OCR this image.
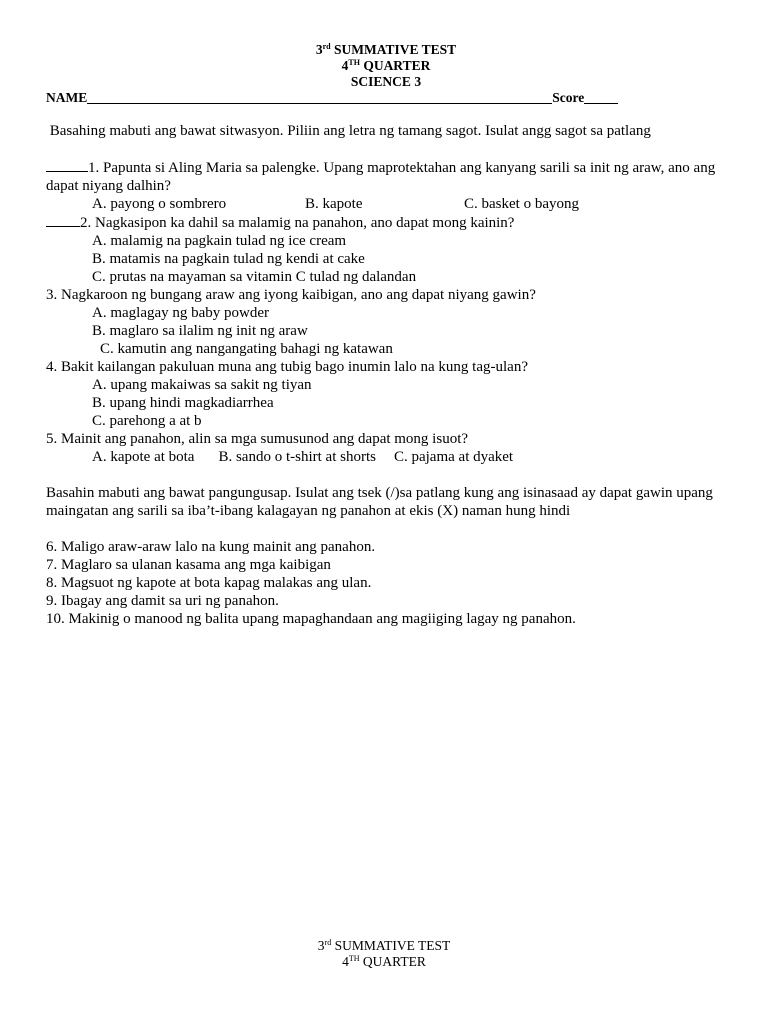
3rd SUMMATIVE TEST
4TH QUARTER
SCIENCE 3
NAME	Score
Basahing mabuti ang bawat sitwasyon. Piliin ang letra ng tamang sagot. Isulat angg sagot sa patlang
1. Papunta si Aling Maria sa palengke. Upang maprotektahan ang kanyang sarili sa init ng araw, ano ang dapat niyang dalhin?
A. payong o sombrero	B. kapote	C. basket o bayong
2. Nagkasipon ka dahil sa malamig na panahon, ano dapat mong kainin?
A. malamig na pagkain tulad ng ice cream
B. matamis na pagkain tulad ng kendi at cake
C. prutas na mayaman sa vitamin C tulad ng dalandan
3. Nagkaroon ng bungang araw ang iyong kaibigan, ano ang dapat niyang gawin?
A. maglagay ng baby powder
B. maglaro sa ilalim ng init ng araw
C. kamutin ang nangangating bahagi ng katawan
4. Bakit kailangan pakuluan muna ang tubig bago inumin lalo na kung tag-ulan?
A. upang makaiwas sa sakit ng tiyan
B. upang hindi magkadiarrhea
C. parehong a at b
5. Mainit ang panahon, alin sa mga sumusunod ang dapat mong isuot?
A. kapote at bota B. sando o t-shirt at shorts C. pajama at dyaket
Basahin mabuti ang bawat pangungusap. Isulat ang tsek (/)sa patlang kung ang isinasaad ay dapat gawin upang maingatan ang sarili sa iba’t-ibang kalagayan ng panahon at ekis (X) naman hung hindi
6. Maligo araw-araw lalo na kung mainit ang panahon.
7. Maglaro sa ulanan kasama ang mga kaibigan
8. Magsuot ng kapote at bota kapag malakas ang ulan.
9. Ibagay ang damit sa uri ng panahon.
10. Makinig o manood ng balita upang mapaghandaan ang magiiging lagay ng panahon.
3rd SUMMATIVE TEST
4TH QUARTER
